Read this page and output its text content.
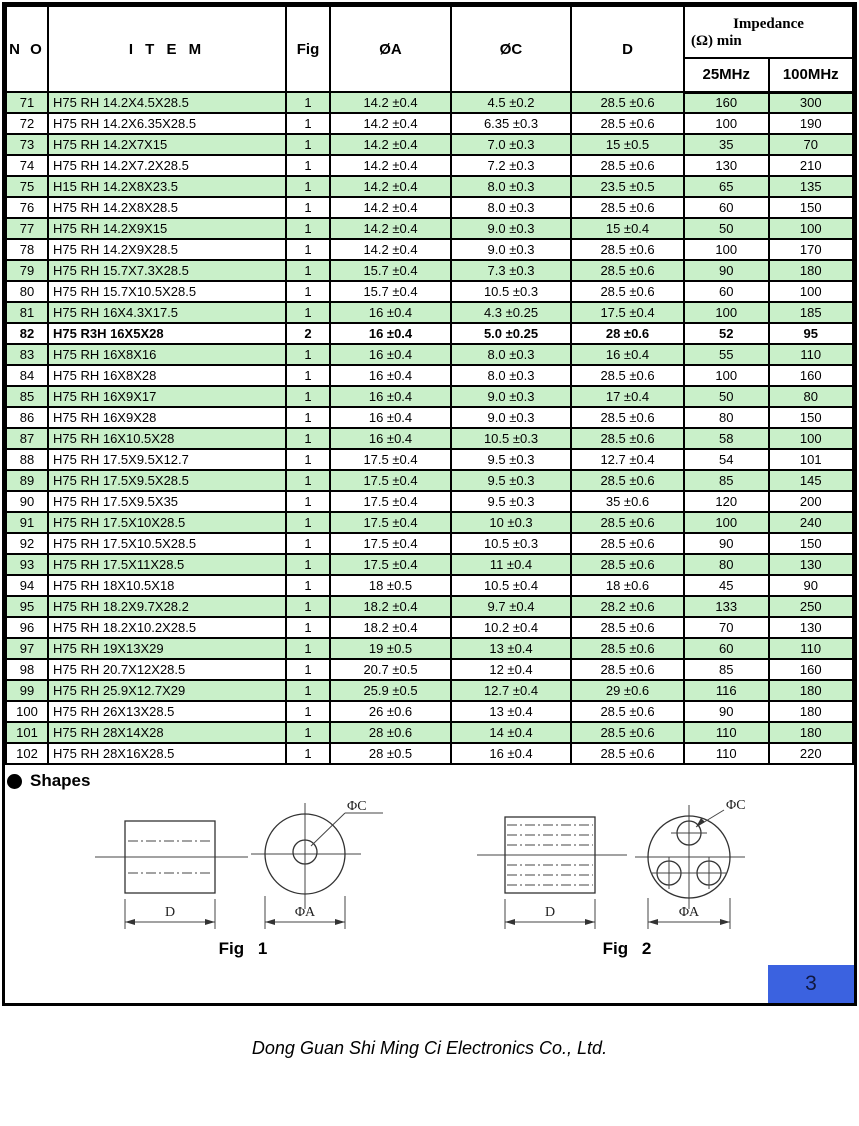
N O	I T E M	Fig	ØA	ØC	D	Impedance
(Ω) min	

						25MHz	100MHz
71	H75 RH 14.2X4.5X28.5	1	14.2 ±0.4	4.5 ±0.2	28.5 ±0.6	160	300
72	H75 RH 14.2X6.35X28.5	1	14.2 ±0.4	6.35 ±0.3	28.5 ±0.6	100	190
73	H75 RH 14.2X7X15	1	14.2 ±0.4	7.0 ±0.3	15 ±0.5	35	70
74	H75 RH 14.2X7.2X28.5	1	14.2 ±0.4	7.2 ±0.3	28.5 ±0.6	130	210
75	H15 RH 14.2X8X23.5	1	14.2 ±0.4	8.0 ±0.3	23.5 ±0.5	65	135
76	H75 RH 14.2X8X28.5	1	14.2 ±0.4	8.0 ±0.3	28.5 ±0.6	60	150
77	H75 RH 14.2X9X15	1	14.2 ±0.4	9.0 ±0.3	15 ±0.4	50	100
78	H75 RH 14.2X9X28.5	1	14.2 ±0.4	9.0 ±0.3	28.5 ±0.6	100	170
79	H75 RH 15.7X7.3X28.5	1	15.7 ±0.4	7.3 ±0.3	28.5 ±0.6	90	180
80	H75 RH 15.7X10.5X28.5	1	15.7 ±0.4	10.5 ±0.3	28.5 ±0.6	60	100
81	H75 RH 16X4.3X17.5	1	16 ±0.4	4.3 ±0.25	17.5 ±0.4	100	185
82	H75 R3H 16X5X28	2	16 ±0.4	5.0 ±0.25	28 ±0.6	52	95
83	H75 RH 16X8X16	1	16 ±0.4	8.0 ±0.3	16 ±0.4	55	110
84	H75 RH 16X8X28	1	16 ±0.4	8.0 ±0.3	28.5 ±0.6	100	160
85	H75 RH 16X9X17	1	16 ±0.4	9.0 ±0.3	17 ±0.4	50	80
86	H75 RH 16X9X28	1	16 ±0.4	9.0 ±0.3	28.5 ±0.6	80	150
87	H75 RH 16X10.5X28	1	16 ±0.4	10.5 ±0.3	28.5 ±0.6	58	100
88	H75 RH 17.5X9.5X12.7	1	17.5 ±0.4	9.5 ±0.3	12.7 ±0.4	54	101
89	H75 RH 17.5X9.5X28.5	1	17.5 ±0.4	9.5 ±0.3	28.5 ±0.6	85	145
90	H75 RH 17.5X9.5X35	1	17.5 ±0.4	9.5 ±0.3	35 ±0.6	120	200
91	H75 RH 17.5X10X28.5	1	17.5 ±0.4	10 ±0.3	28.5 ±0.6	100	240
92	H75 RH 17.5X10.5X28.5	1	17.5 ±0.4	10.5 ±0.3	28.5 ±0.6	90	150
93	H75 RH 17.5X11X28.5	1	17.5 ±0.4	11 ±0.4	28.5 ±0.6	80	130
94	H75 RH 18X10.5X18	1	18 ±0.5	10.5 ±0.4	18 ±0.6	45	90
95	H75 RH 18.2X9.7X28.2	1	18.2 ±0.4	9.7 ±0.4	28.2 ±0.6	133	250
96	H75 RH 18.2X10.2X28.5	1	18.2 ±0.4	10.2 ±0.4	28.5 ±0.6	70	130
97	H75 RH 19X13X29	1	19 ±0.5	13 ±0.4	28.5 ±0.6	60	110
98	H75 RH 20.7X12X28.5	1	20.7 ±0.5	12 ±0.4	28.5 ±0.6	85	160
99	H75 RH 25.9X12.7X29	1	25.9 ±0.5	12.7 ±0.4	29 ±0.6	116	180
100	H75 RH 26X13X28.5	1	26 ±0.6	13 ±0.4	28.5 ±0.6	90	180
101	H75 RH 28X14X28	1	28 ±0.6	14 ±0.4	28.5 ±0.6	110	180
102	H75 RH 28X16X28.5	1	28 ±0.5	16 ±0.4	28.5 ±0.6	110	220
Shapes
D
ΦC
ΦA
Fig 1
D
ΦC
ΦA
Fig 2
3
Dong Guan Shi Ming Ci Electronics Co., Ltd.
